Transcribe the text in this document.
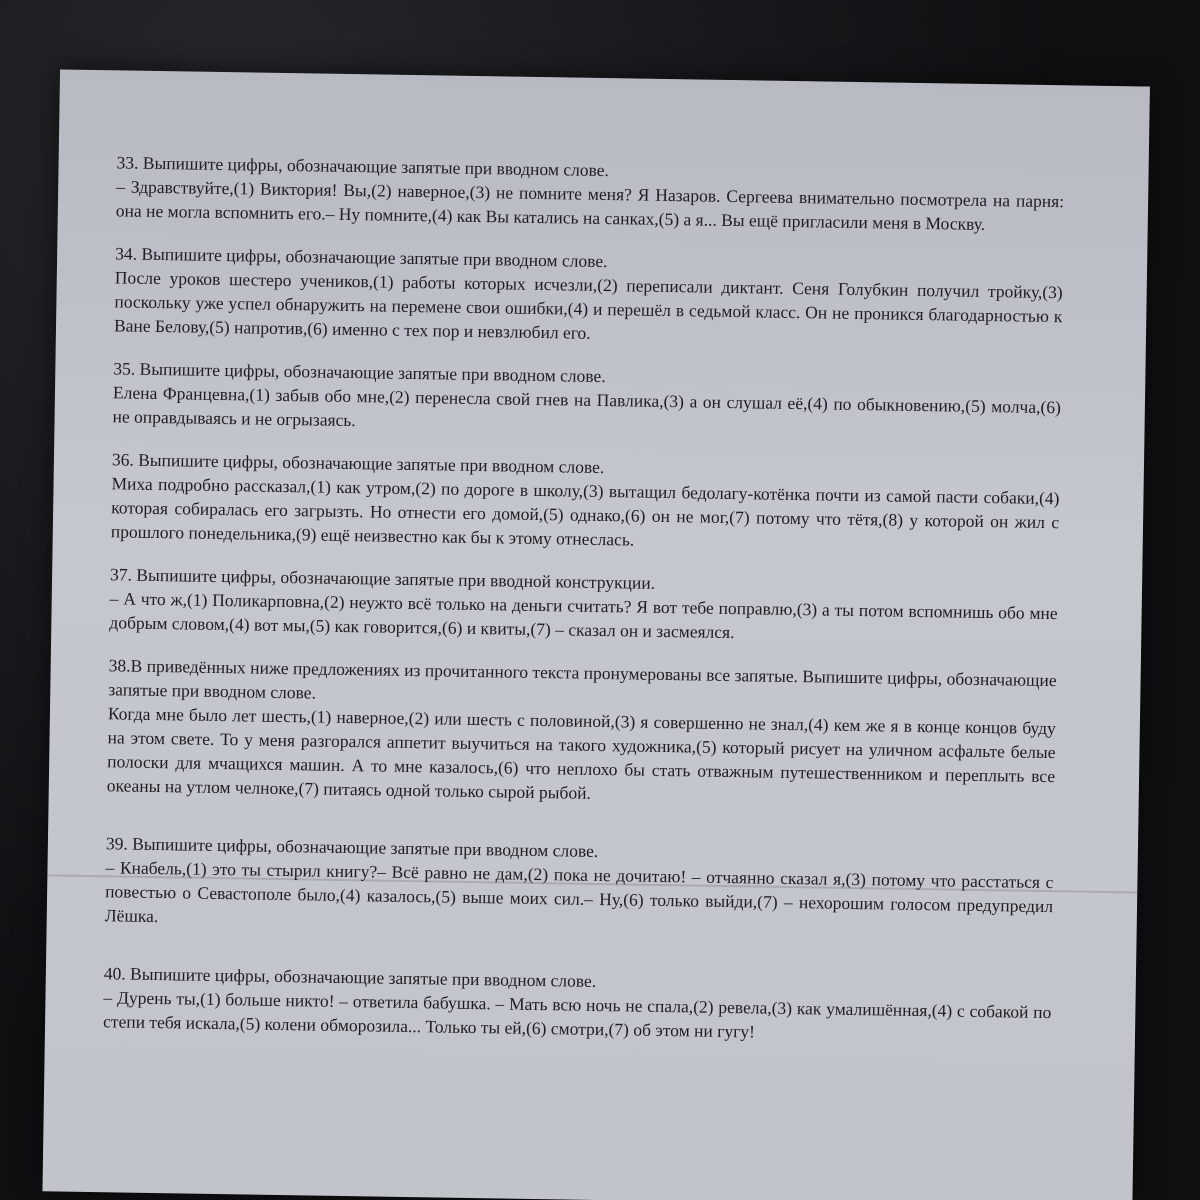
33. Выпишите цифры, обозначающие запятые при вводном слове.
– Здравствуйте,(1) Виктория! Вы,(2) наверное,(3) не помните меня? Я Назаров. Сергеева внимательно посмотрела на парня: она не могла вспомнить его.– Ну помните,(4) как Вы катались на санках,(5) а я... Вы ещё пригласили меня в Москву.
34. Выпишите цифры, обозначающие запятые при вводном слове.
После уроков шестеро учеников,(1) работы которых исчезли,(2) переписали диктант. Сеня Голубкин получил тройку,(3) поскольку уже успел обнаружить на перемене свои ошибки,(4) и перешёл в седьмой класс. Он не проникся благодарностью к Ване Белову,(5) напротив,(6) именно с тех пор и невзлюбил его.
35. Выпишите цифры, обозначающие запятые при вводном слове.
Елена Францевна,(1) забыв обо мне,(2) перенесла свой гнев на Павлика,(3) а он слушал её,(4) по обыкновению,(5) молча,(6) не оправдываясь и не огрызаясь.
36. Выпишите цифры, обозначающие запятые при вводном слове.
Миха подробно рассказал,(1) как утром,(2) по дороге в школу,(3) вытащил бедолагу-котёнка почти из самой пасти собаки,(4) которая собиралась его загрызть. Но отнести его домой,(5) однако,(6) он не мог,(7) потому что тётя,(8) у которой он жил с прошлого понедельника,(9) ещё неизвестно как бы к этому отнеслась.
37. Выпишите цифры, обозначающие запятые при вводной конструкции.
– А что ж,(1) Поликарповна,(2) неужто всё только на деньги считать? Я вот тебе поправлю,(3) а ты потом вспомнишь обо мне добрым словом,(4) вот мы,(5) как говорится,(6) и квиты,(7) – сказал он и засмеялся.
38.В приведённых ниже предложениях из прочитанного текста пронумерованы все запятые. Выпишите цифры, обозначающие запятые при вводном слове.
Когда мне было лет шесть,(1) наверное,(2) или шесть с половиной,(3) я совершенно не знал,(4) кем же я в конце концов буду на этом свете. То у меня разгорался аппетит выучиться на такого художника,(5) который рисует на уличном асфальте белые полоски для мчащихся машин. А то мне казалось,(6) что неплохо бы стать отважным путешественником и переплыть все океаны на утлом челноке,(7) питаясь одной только сырой рыбой.
39. Выпишите цифры, обозначающие запятые при вводном слове.
– Кнабель,(1) это ты стырил книгу?– Всё равно не дам,(2) пока не дочитаю! – отчаянно сказал я,(3) потому что расстаться с повестью о Севастополе было,(4) казалось,(5) выше моих сил.– Ну,(6) только выйди,(7) – нехорошим голосом предупредил Лёшка.
40. Выпишите цифры, обозначающие запятые при вводном слове.
– Дурень ты,(1) больше никто! – ответила бабушка. – Мать всю ночь не спала,(2) ревела,(3) как умалишённая,(4) с собакой по степи тебя искала,(5) колени обморозила... Только ты ей,(6) смотри,(7) об этом ни гугу!
